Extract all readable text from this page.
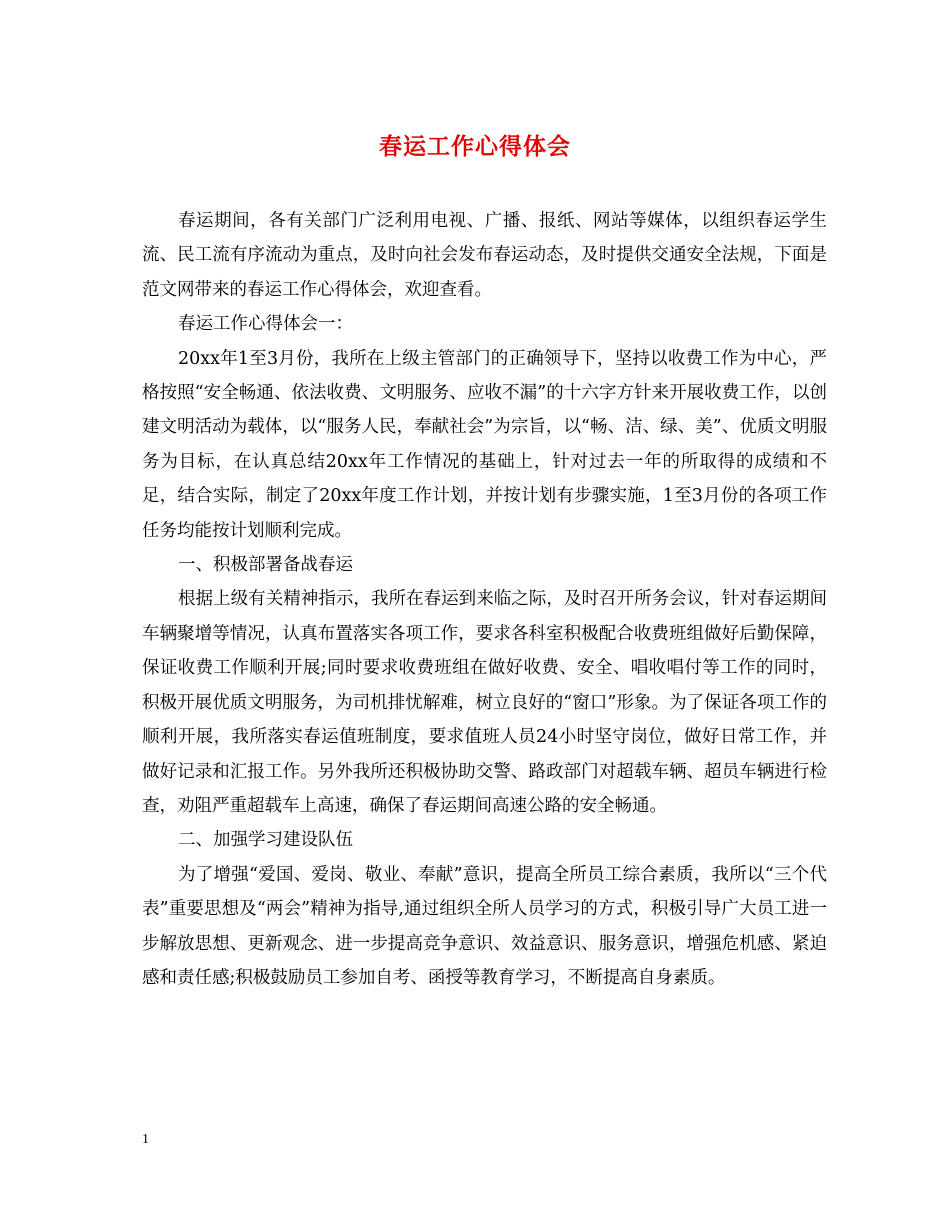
春运工作心得体会

春运期间，各有关部门广泛利用电视、广播、报纸、网站等媒体，以组织春运学生流、民工流有序流动为重点，及时向社会发布春运动态，及时提供交通安全法规，下面是范文网带来的春运工作心得体会，欢迎查看。

春运工作心得体会一：

20xx年1至3月份，我所在上级主管部门的正确领导下，坚持以收费工作为中心，严格按照“安全畅通、依法收费、文明服务、应收不漏”的十六字方针来开展收费工作，以创建文明活动为载体，以“服务人民，奉献社会”为宗旨，以“畅、洁、绿、美”、优质文明服务为目标，在认真总结20xx年工作情况的基础上，针对过去一年的所取得的成绩和不足，结合实际，制定了20xx年度工作计划，并按计划有步骤实施，1至3月份的各项工作任务均能按计划顺利完成。

一、积极部署备战春运

根据上级有关精神指示，我所在春运到来临之际，及时召开所务会议，针对春运期间车辆聚增等情况，认真布置落实各项工作，要求各科室积极配合收费班组做好后勤保障，保证收费工作顺利开展;同时要求收费班组在做好收费、安全、唱收唱付等工作的同时，积极开展优质文明服务，为司机排忧解难，树立良好的“窗口”形象。为了保证各项工作的顺利开展，我所落实春运值班制度，要求值班人员24小时坚守岗位，做好日常工作，并做好记录和汇报工作。另外我所还积极协助交警、路政部门对超载车辆、超员车辆进行检查，劝阻严重超载车上高速，确保了春运期间高速公路的安全畅通。

二、加强学习建设队伍

为了增强“爱国、爱岗、敬业、奉献”意识，提高全所员工综合素质，我所以“三个代表”重要思想及“两会”精神为指导,通过组织全所人员学习的方式，积极引导广大员工进一步解放思想、更新观念、进一步提高竞争意识、效益意识、服务意识，增强危机感、紧迫感和责任感;积极鼓励员工参加自考、函授等教育学习，不断提高自身素质。

1
